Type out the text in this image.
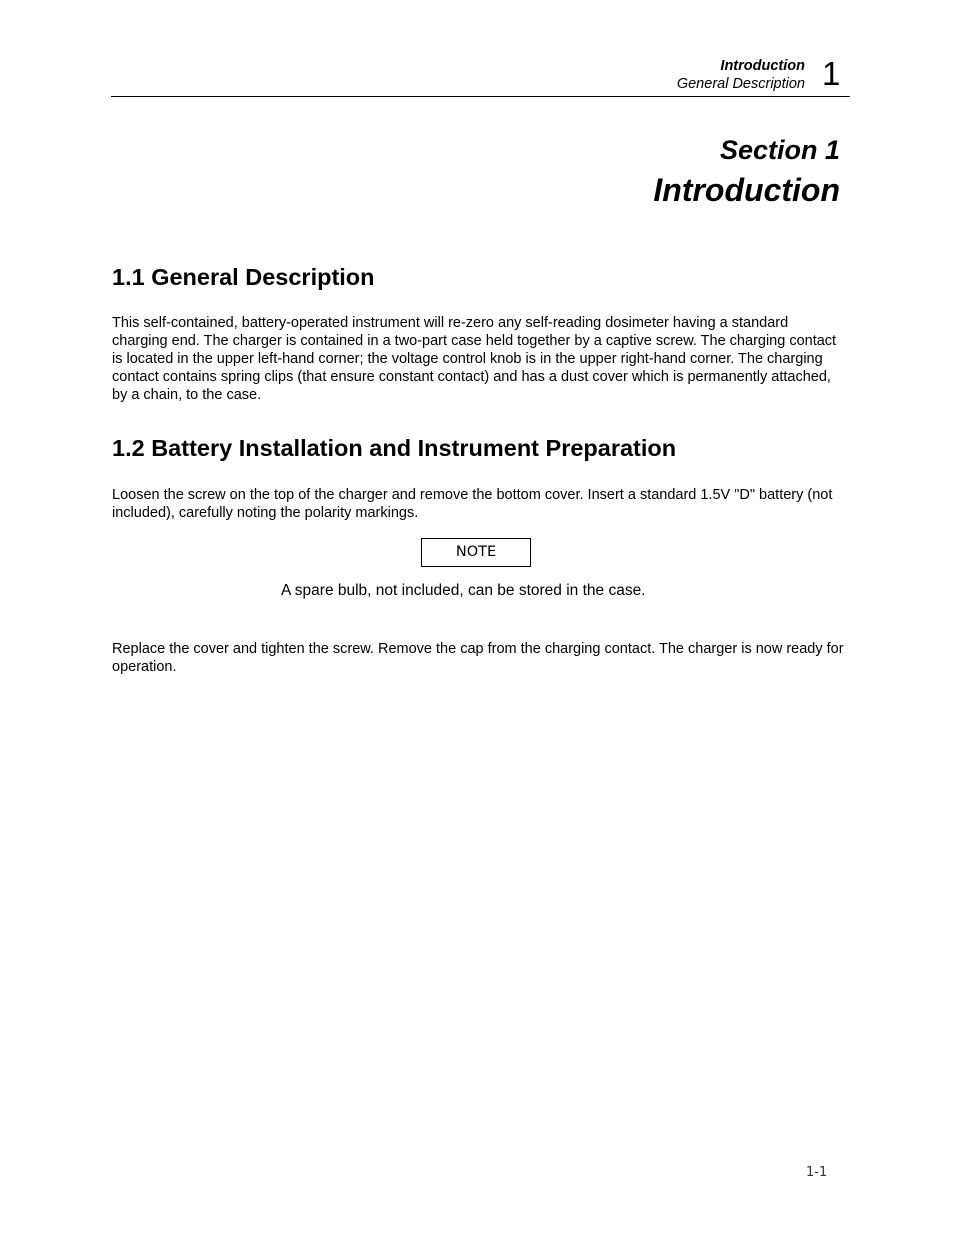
Introduction
General Description 1
Section 1
Introduction
1.1 General Description

This self-contained, battery-operated instrument will re-zero any self-reading dosimeter having a standard charging end. The charger is contained in a two-part case held together by a captive screw. The charging contact is located in the upper left-hand corner; the voltage control knob is in the upper right-hand corner. The charging contact contains spring clips (that ensure constant contact) and has a dust cover which is permanently attached, by a chain, to the case.

1.2 Battery Installation and Instrument Preparation

Loosen the screw on the top of the charger and remove the bottom cover. Insert a standard 1.5V "D" battery (not included), carefully noting the polarity markings.

NOTE

A spare bulb, not included, can be stored in the case.

Replace the cover and tighten the screw. Remove the cap from the charging contact. The charger is now ready for operation.

1-1
